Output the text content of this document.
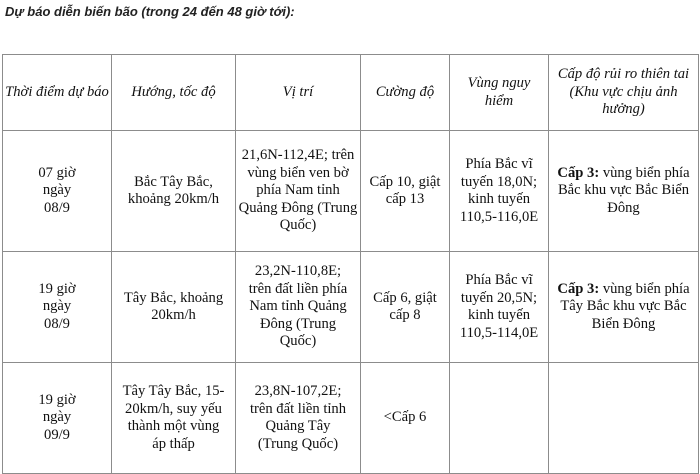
Dự báo diễn biến bão (trong 24 đến 48 giờ tới):
Thời điểm dự báo	Hướng, tốc độ	Vị trí	Cường độ	Vùng nguy hiểm	Cấp độ rủi ro thiên tai (Khu vực chịu ảnh hưởng)
07 giờ ngày 08/9	Bắc Tây Bắc, khoảng 20km/h	21,6N-112,4E; trên vùng biển ven bờ phía Nam tỉnh Quảng Đông (Trung Quốc)	Cấp 10, giật cấp 13	Phía Bắc vĩ tuyến 18,0N; kinh tuyến 110,5-116,0E	Cấp 3: vùng biển phía Bắc khu vực Bắc Biển Đông
19 giờ ngày 08/9	Tây Bắc, khoảng 20km/h	23,2N-110,8E; trên đất liền phía Nam tỉnh Quảng Đông (Trung Quốc)	Cấp 6, giật cấp 8	Phía Bắc vĩ tuyến 20,5N; kinh tuyến 110,5-114,0E	Cấp 3: vùng biển phía Tây Bắc khu vực Bắc Biển Đông
19 giờ ngày 09/9	Tây Tây Bắc, 15-20km/h, suy yếu thành một vùng áp thấp	23,8N-107,2E; trên đất liền tỉnh Quảng Tây (Trung Quốc)	<Cấp 6		
